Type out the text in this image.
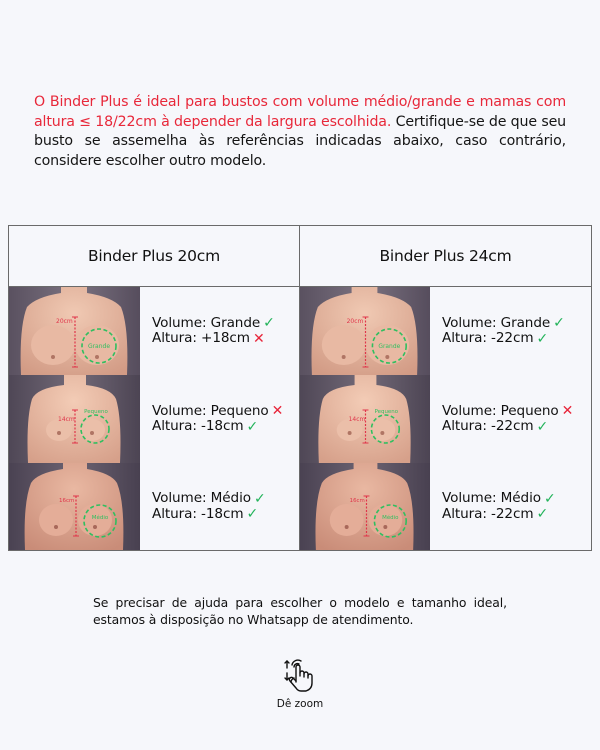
O Binder Plus é ideal para bustos com volume médio/grande e mamas com altura ≤ 18/22cm à depender da largura escolhida. Certifique-se de que seu busto se assemelha às referências indicadas abaixo, caso contrário, considere escolher outro modelo.
Binder Plus 20cm
20cm
Grande
Volume: Grande ✓
Altura: +18cm ✕
14cm
Pequeno	Volume: Pequeno ✕
Altura: -18cm ✓
16cm
Médio
Volume: Médio ✓
Altura: -18cm ✓
Binder Plus 24cm
20cm
Grande
Volume: Grande ✓
Altura: -22cm ✓
14cm
Pequeno	Volume: Pequeno ✕
Altura: -22cm ✓
16cm
Médio
Volume: Médio ✓
Altura: -22cm ✓
Se precisar de ajuda para escolher o modelo e tamanho ideal, estamos à disposição no Whatsapp de atendimento.
Dê zoom
